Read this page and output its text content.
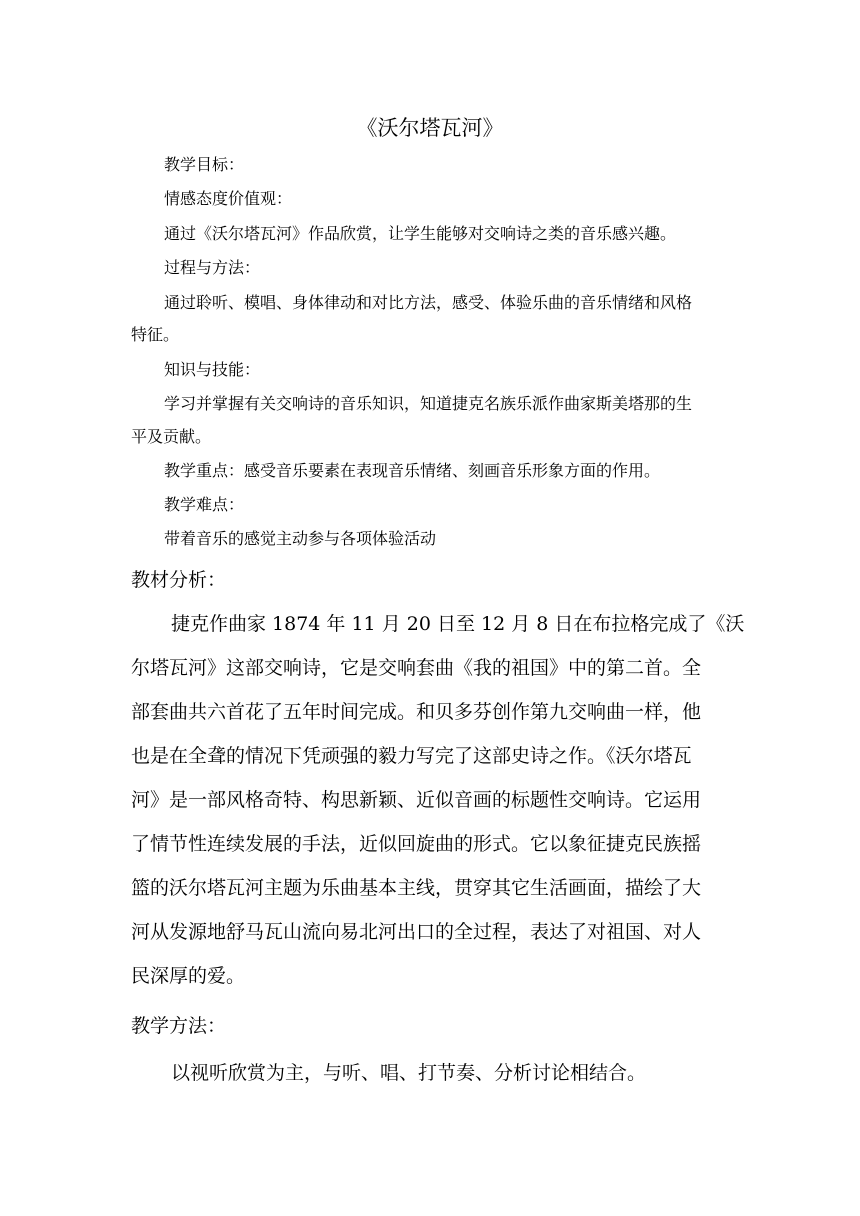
《沃尔塔瓦河》
教学目标：
情感态度价值观：
通过《沃尔塔瓦河》作品欣赏，让学生能够对交响诗之类的音乐感兴趣。
过程与方法：
通过聆听、模唱、身体律动和对比方法，感受、体验乐曲的音乐情绪和风格
特征。
知识与技能：
学习并掌握有关交响诗的音乐知识，知道捷克名族乐派作曲家斯美塔那的生
平及贡献。
教学重点：感受音乐要素在表现音乐情绪、刻画音乐形象方面的作用。
教学难点：
带着音乐的感觉主动参与各项体验活动
教材分析：
捷克作曲家 1874 年 11 月 20 日至 12 月 8 日在布拉格完成了《沃
尔塔瓦河》这部交响诗，它是交响套曲《我的祖国》中的第二首。全
部套曲共六首花了五年时间完成。和贝多芬创作第九交响曲一样，他
也是在全聋的情况下凭顽强的毅力写完了这部史诗之作。《沃尔塔瓦
河》是一部风格奇特、构思新颖、近似音画的标题性交响诗。它运用
了情节性连续发展的手法，近似回旋曲的形式。它以象征捷克民族摇
篮的沃尔塔瓦河主题为乐曲基本主线，贯穿其它生活画面，描绘了大
河从发源地舒马瓦山流向易北河出口的全过程，表达了对祖国、对人
民深厚的爱。
教学方法：
以视听欣赏为主，与听、唱、打节奏、分析讨论相结合。
